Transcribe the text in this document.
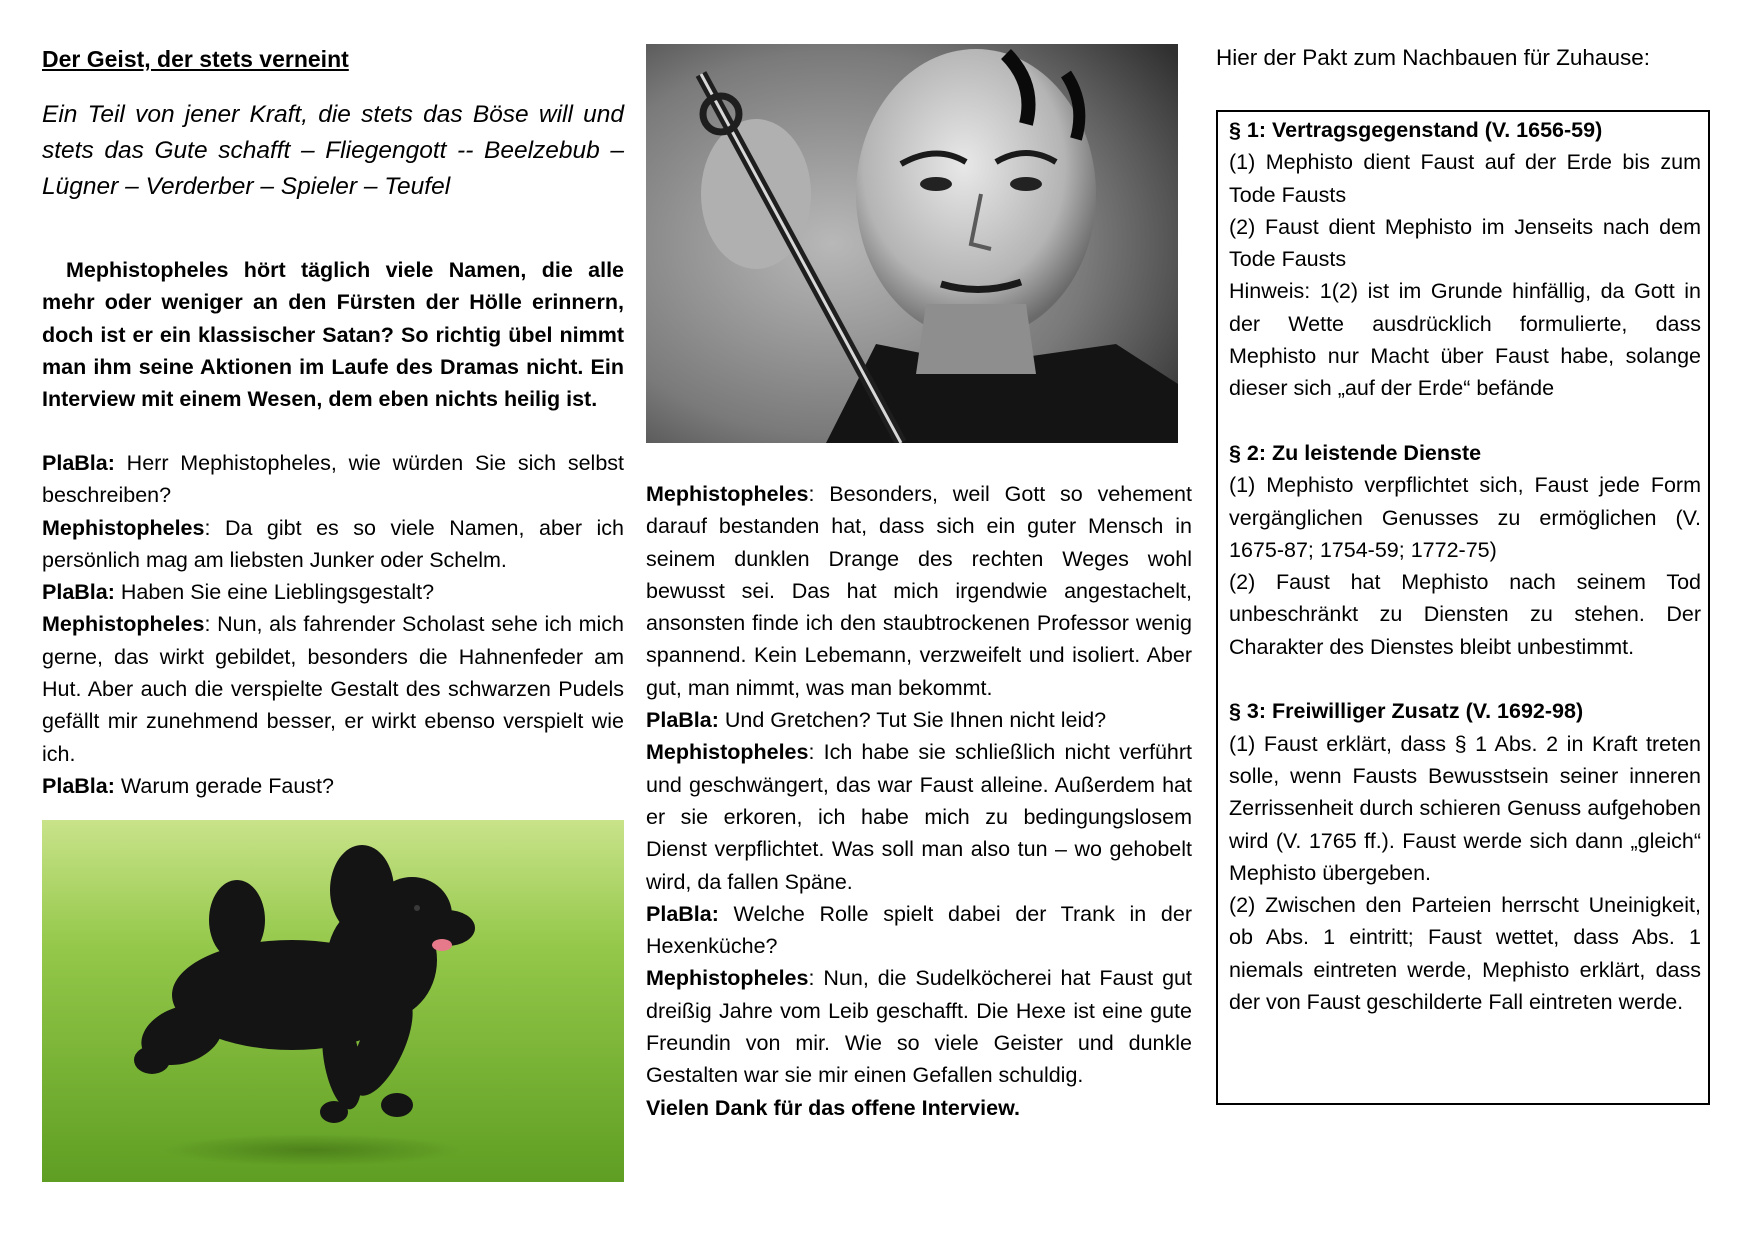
Der Geist, der stets verneint
Ein Teil von jener Kraft, die stets das Böse will und stets das Gute schafft – Fliegengott -- Beelzebub – Lügner – Verderber – Spieler – Teufel
Mephistopheles hört täglich viele Namen, die alle mehr oder weniger an den Fürsten der Hölle erinnern, doch ist er ein klassischer Satan? So richtig übel nimmt man ihm seine Aktionen im Laufe des Dramas nicht. Ein Interview mit einem Wesen, dem eben nichts heilig ist.
PlaBla: Herr Mephistopheles, wie würden Sie sich selbst beschreiben?
Mephistopheles: Da gibt es so viele Namen, aber ich persönlich mag am liebsten Junker oder Schelm.
PlaBla: Haben Sie eine Lieblingsgestalt?
Mephistopheles: Nun, als fahrender Scholast sehe ich mich gerne, das wirkt gebildet, besonders die Hahnenfeder am Hut. Aber auch die verspielte Gestalt des schwarzen Pudels gefällt mir zunehmend besser, er wirkt ebenso verspielt wie ich.
PlaBla: Warum gerade Faust?
Mephistopheles: Besonders, weil Gott so vehement darauf bestanden hat, dass sich ein guter Mensch in seinem dunklen Drange des rechten Weges wohl bewusst sei. Das hat mich irgendwie angestachelt, ansonsten finde ich den staubtrockenen Professor wenig spannend. Kein Lebemann, verzweifelt und isoliert. Aber gut, man nimmt, was man bekommt.
PlaBla: Und Gretchen? Tut Sie Ihnen nicht leid?
Mephistopheles: Ich habe sie schließlich nicht verführt und geschwängert, das war Faust alleine. Außerdem hat er sie erkoren, ich habe mich zu bedingungslosem Dienst verpflichtet. Was soll man also tun – wo gehobelt wird, da fallen Späne.
PlaBla: Welche Rolle spielt dabei der Trank in der Hexenküche?
Mephistopheles: Nun, die Sudelköcherei hat Faust gut dreißig Jahre vom Leib geschafft. Die Hexe ist eine gute Freundin von mir. Wie so viele Geister und dunkle Gestalten war sie mir einen Gefallen schuldig.
Vielen Dank für das offene Interview.
Hier der Pakt zum Nachbauen für Zuhause:
§ 1: Vertragsgegenstand (V. 1656-59)
(1) Mephisto dient Faust auf der Erde bis zum Tode Fausts
(2) Faust dient Mephisto im Jenseits nach dem Tode Fausts
Hinweis: 1(2) ist im Grunde hinfällig, da Gott in der Wette ausdrücklich formulierte, dass Mephisto nur Macht über Faust habe, solange dieser sich „auf der Erde“ befände
§ 2: Zu leistende Dienste
(1) Mephisto verpflichtet sich, Faust jede Form vergänglichen Genusses zu ermöglichen (V. 1675-87; 1754-59; 1772-75)
(2) Faust hat Mephisto nach seinem Tod unbeschränkt zu Diensten zu stehen. Der Charakter des Dienstes bleibt unbestimmt.
§ 3: Freiwilliger Zusatz (V. 1692-98)
(1) Faust erklärt, dass § 1 Abs. 2 in Kraft treten solle, wenn Fausts Bewusstsein seiner inneren Zerrissenheit durch schieren Genuss aufgehoben wird (V. 1765 ff.). Faust werde sich dann „gleich“ Mephisto übergeben.
(2) Zwischen den Parteien herrscht Uneinigkeit, ob Abs. 1 eintritt; Faust wettet, dass Abs. 1 niemals eintreten werde, Mephisto erklärt, dass der von Faust geschilderte Fall eintreten werde.
